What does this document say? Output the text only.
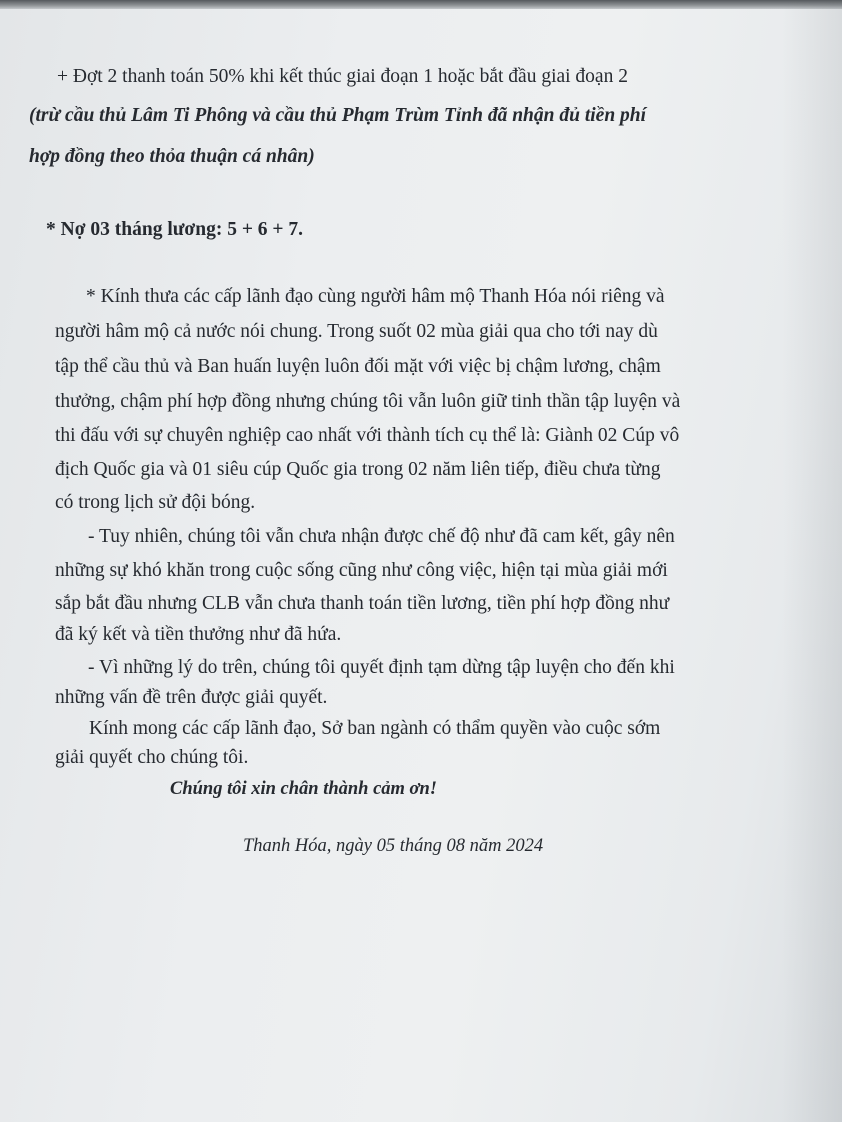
+ Đợt 2 thanh toán 50% khi kết thúc giai đoạn 1 hoặc bắt đầu giai đoạn 2
(trừ cầu thủ Lâm Ti Phông và cầu thủ Phạm Trùm Tỉnh đã nhận đủ tiền phí
hợp đồng theo thỏa thuận cá nhân)
* Nợ 03 tháng lương: 5 + 6 + 7.
* Kính thưa các cấp lãnh đạo cùng người hâm mộ Thanh Hóa nói riêng và
người hâm mộ cả nước nói chung. Trong suốt 02 mùa giải qua cho tới nay dù
tập thể cầu thủ và Ban huấn luyện luôn đối mặt với việc bị chậm lương, chậm
thưởng, chậm phí hợp đồng nhưng chúng tôi vẫn luôn giữ tinh thần tập luyện và
thi đấu với sự chuyên nghiệp cao nhất với thành tích cụ thể là: Giành 02 Cúp vô
địch Quốc gia và 01 siêu cúp Quốc gia trong 02 năm liên tiếp, điều chưa từng
có trong lịch sử đội bóng.
- Tuy nhiên, chúng tôi vẫn chưa nhận được chế độ như đã cam kết, gây nên
những sự khó khăn trong cuộc sống cũng như công việc, hiện tại mùa giải mới
sắp bắt đầu nhưng CLB vẫn chưa thanh toán tiền lương, tiền phí hợp đồng như
đã ký kết và tiền thưởng như đã hứa.
- Vì những lý do trên, chúng tôi quyết định tạm dừng tập luyện cho đến khi
những vấn đề trên được giải quyết.
Kính mong các cấp lãnh đạo, Sở ban ngành có thẩm quyền vào cuộc sớm
giải quyết cho chúng tôi.
Chúng tôi xin chân thành cảm ơn!
Thanh Hóa, ngày 05 tháng 08 năm 2024
